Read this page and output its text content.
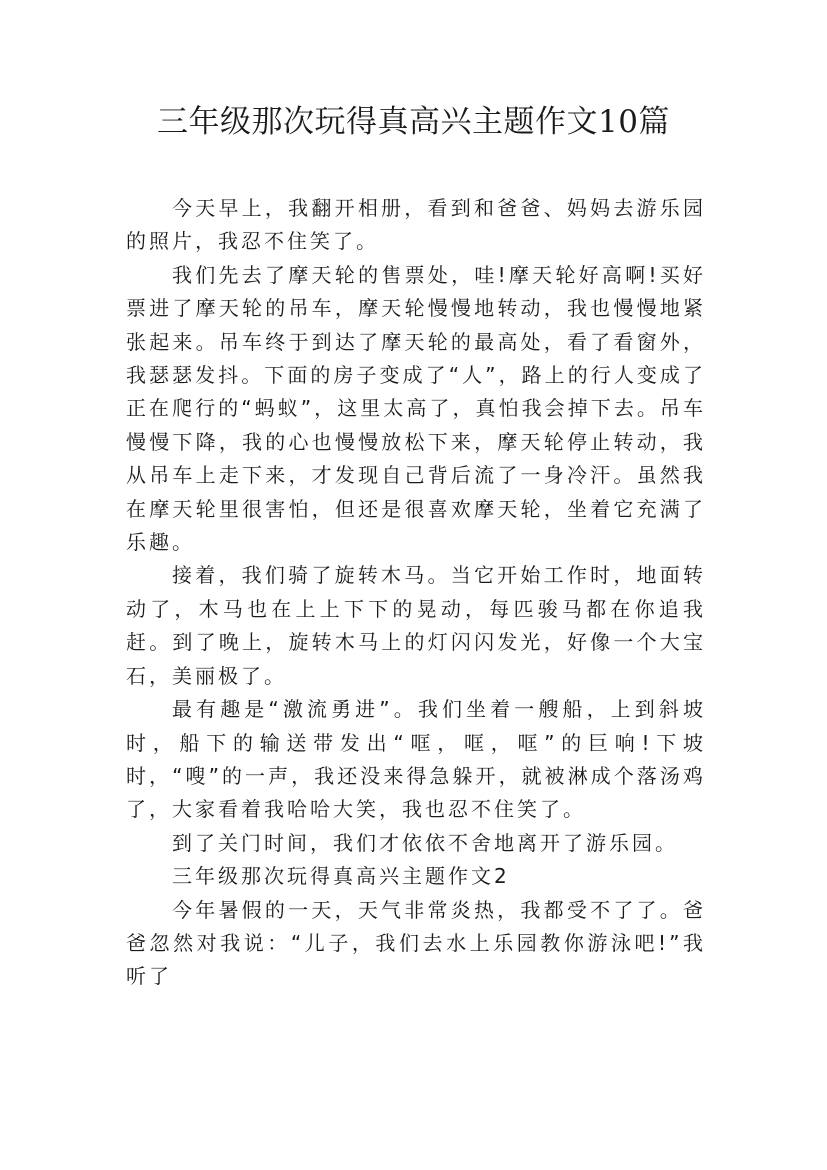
三年级那次玩得真高兴主题作文10篇

今天早上，我翻开相册，看到和爸爸、妈妈去游乐园的照片，我忍不住笑了。

我们先去了摩天轮的售票处，哇!摩天轮好高啊!买好票进了摩天轮的吊车，摩天轮慢慢地转动，我也慢慢地紧张起来。吊车终于到达了摩天轮的最高处，看了看窗外，我瑟瑟发抖。下面的房子变成了“人”，路上的行人变成了正在爬行的“蚂蚁”，这里太高了，真怕我会掉下去。吊车慢慢下降，我的心也慢慢放松下来，摩天轮停止转动，我从吊车上走下来，才发现自己背后流了一身冷汗。虽然我在摩天轮里很害怕，但还是很喜欢摩天轮，坐着它充满了乐趣。

接着，我们骑了旋转木马。当它开始工作时，地面转动了，木马也在上上下下的晃动，每匹骏马都在你追我赶。到了晚上，旋转木马上的灯闪闪发光，好像一个大宝石，美丽极了。

最有趣是“激流勇进”。我们坐着一艘船，上到斜坡时，船下的输送带发出“哐，哐，哐”的巨响!下坡时，“嗖”的一声，我还没来得急躲开，就被淋成个落汤鸡了，大家看着我哈哈大笑，我也忍不住笑了。

到了关门时间，我们才依依不舍地离开了游乐园。

三年级那次玩得真高兴主题作文2

今年暑假的一天，天气非常炎热，我都受不了了。爸爸忽然对我说：“儿子，我们去水上乐园教你游泳吧!”我听了
